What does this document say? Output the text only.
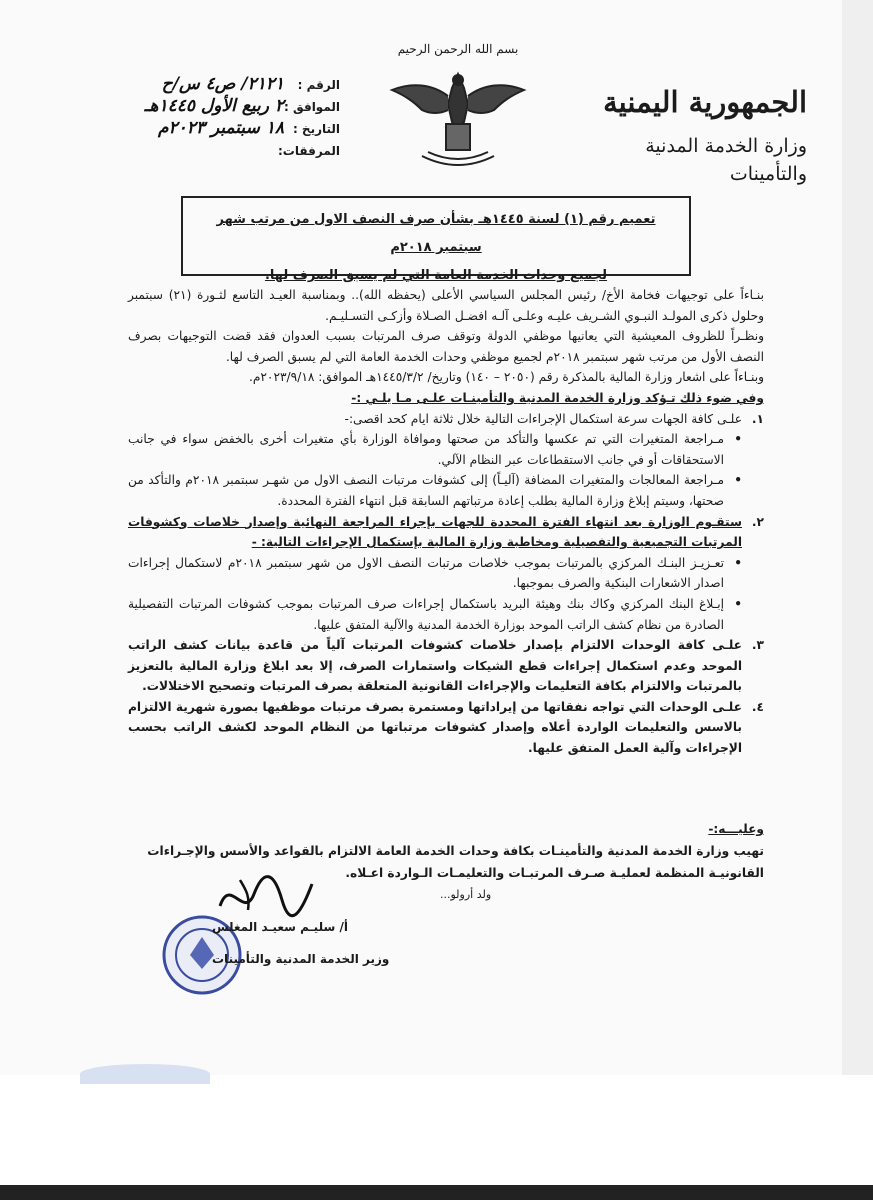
الجمهورية اليمنية
وزارة الخدمة المدنية والتأمينات
بسم الله الرحمن الرحيم
الرقم :
٢١٢١/ ص٤ س/ح
الموافق :
٢ ربيع الأول ١٤٤٥هـ
التاريخ :
١٨ سبتمبر ٢٠٢٣م
المرفقات:

تعميم رقم (١) لسنة ١٤٤٥هـ بشأن صرف النصف الاول من مرتب شهر سبتمبر ٢٠١٨م

لجميع وحدات الخدمة العامة التي لم يسبق الصرف لها.

بنـاءاً على توجيهات فخامة الأخ/ رئيس المجلس السياسي الأعلى (يحفظه الله).. وبمناسبة العيـد التاسع لثـورة (٢١) سبتمبر وحلول ذكرى المولـد النبـوي الشـريف عليـه وعلـى آلـه افضـل الصـلاة وأزكـى التسـليـم.

ونظـراً للظروف المعيشية التي يعانيها موظفي الدولة وتوقف صرف المرتبات بسبب العدوان فقد قضت التوجيهات بصرف النصف الأول من مرتب شهر سبتمبر ٢٠١٨م لجميع موظفي وحدات الخدمة العامة التي لم يسبق الصرف لها.

وبنـاءاً على اشعار وزارة المالية بالمذكرة رقم (٢٠٥٠ – ١٤٠) وتاريخ/ ١٤٤٥/٣/٢هـ الموافق: ٢٠٢٣/٩/١٨م.

وفي ضوء ذلك تـؤكد وزارة الخدمة المدنية والتأمينـات علـى مـا يلـي :-

١.

علـى كافة الجهات سرعة استكمال الإجراءات التالية خلال ثلاثة ايام كحد اقصى:-

•

مـراجعة المتغيرات التي تم عكسها والتأكد من صحتها وموافاة الوزارة بأي متغيرات أخرى بالخفض سواء في جانب الاستحقاقات أو في جانب الاستقطاعات عبر النظام الآلي.

•

مـراجعة المعالجات والمتغيرات المضافة (آليـاً) إلى كشوفات مرتبات النصف الاول من شهـر سبتمبر ٢٠١٨م والتأكد من صحتها، وسيتم إبلاغ وزارة المالية بطلب إعادة مرتباتهم السابقة قبل انتهاء الفترة المحددة.

٢.

ستقـوم الوزارة بعد انتهاء الفترة المحددة للجهات بإجراء المراجعة النهائية وإصدار خلاصات وكشوفات المرتبات التجميعية والتفصيلية ومخاطبة وزارة المالية بإستكمال الإجراءات التالية: -

•

تعـزيـز البنـك المركزي بالمرتبات بموجب خلاصات مرتبات النصف الاول من شهر سبتمبر ٢٠١٨م لاستكمال إجراءات اصدار الاشعارات البنكية والصرف بموجبها.

•

إبـلاغ البنك المركزي وكاك بنك وهيئة البريد باستكمال إجراءات صرف المرتبات بموجب كشوفات المرتبات التفصيلية الصادرة من نظام كشف الراتب الموحد بوزارة الخدمة المدنية والآلية المتفق عليها.

٣.

علـى كافة الوحدات الالتزام بإصدار خلاصات كشوفات المرتبات آلياً من قاعدة بيانات كشف الراتب الموحد وعدم استكمال إجراءات قطع الشيكات واستمارات الصرف، إلا بعد ابلاغ وزارة المالية بالتعزيز بالمرتبات والالتزام بكافة التعليمات والإجراءات القانونية المتعلقة بصرف المرتبات وتصحيح الاختلالات.

٤.

علـى الوحدات التي تواجه نفقاتها من إيراداتها ومستمرة بصرف مرتبات موظفيها بصورة شهرية الالتزام بالاسس والتعليمات الواردة أعلاه وإصدار كشوفات مرتباتها من النظام الموحد لكشف الراتب بحسب الإجراءات وآلية العمل المتفق عليها.

وعليـــه:-

تهيب وزارة الخدمة المدنية والتأمينـات بكافة وحدات الخدمة العامة الالتزام بالقواعد والأسس والإجـراءات القانونيـة المنظمة لعمليـة صـرف المرتبـات والتعليمـات الـواردة اعـلاه.

ولد أرولو...
أ/ سليـم سعيـد المغلس
وزير الخدمة المدنية والتأمينات
